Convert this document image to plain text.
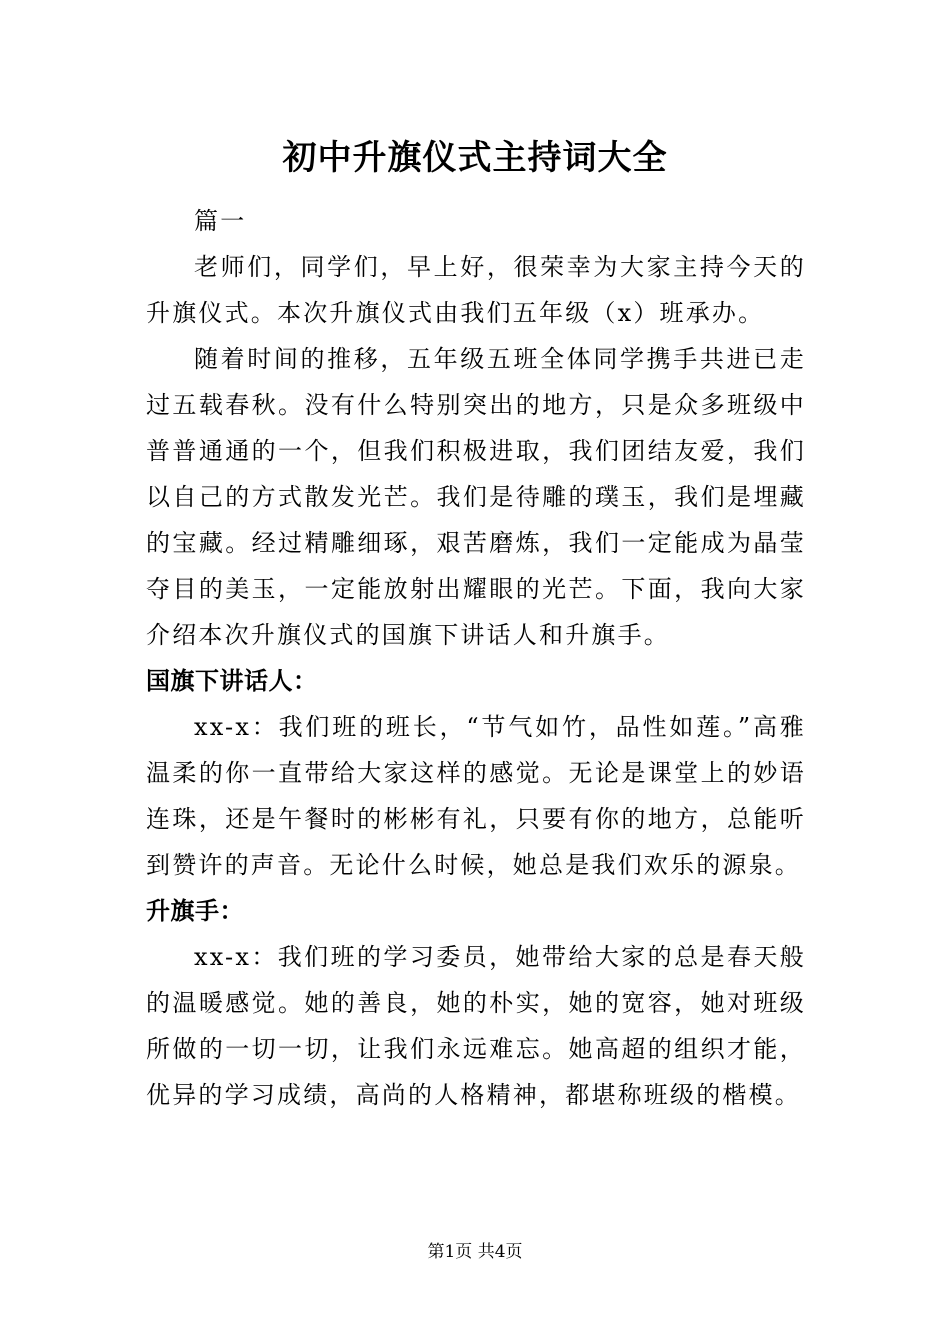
初中升旗仪式主持词大全

篇一

老师们，同学们，早上好，很荣幸为大家主持今天的升旗仪式。本次升旗仪式由我们五年级（x）班承办。

随着时间的推移，五年级五班全体同学携手共进已走过五载春秋。没有什么特别突出的地方，只是众多班级中普普通通的一个，但我们积极进取，我们团结友爱，我们以自己的方式散发光芒。我们是待雕的璞玉，我们是埋藏的宝藏。经过精雕细琢，艰苦磨炼，我们一定能成为晶莹夺目的美玉，一定能放射出耀眼的光芒。下面，我向大家介绍本次升旗仪式的国旗下讲话人和升旗手。

国旗下讲话人：

xx-x：我们班的班长，“节气如竹，品性如莲。”高雅温柔的你一直带给大家这样的感觉。无论是课堂上的妙语连珠，还是午餐时的彬彬有礼，只要有你的地方，总能听到赞许的声音。无论什么时候，她总是我们欢乐的源泉。

升旗手：

xx-x：我们班的学习委员，她带给大家的总是春天般的温暖感觉。她的善良，她的朴实，她的宽容，她对班级所做的一切一切，让我们永远难忘。她高超的组织才能，优异的学习成绩，高尚的人格精神，都堪称班级的楷模。

第1页 共4页
